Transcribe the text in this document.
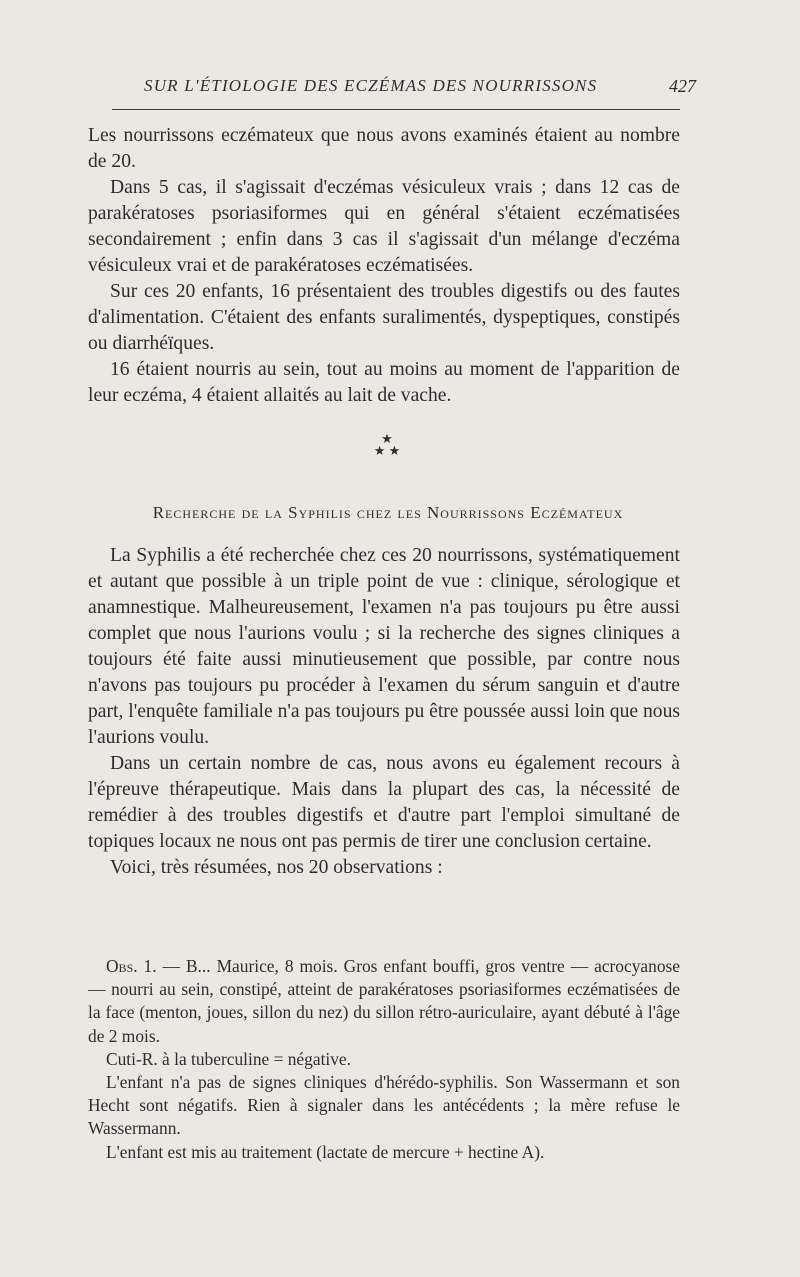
SUR L'ÉTIOLOGIE DES ECZÉMAS DES NOURRISSONS	427

Les nourrissons eczémateux que nous avons examinés étaient au nombre de 20.

Dans 5 cas, il s'agissait d'eczémas vésiculeux vrais ; dans 12 cas de parakératoses psoriasiformes qui en général s'étaient eczématisées secondairement ; enfin dans 3 cas il s'agissait d'un mélange d'eczéma vésiculeux vrai et de parakératoses eczématisées.

Sur ces 20 enfants, 16 présentaient des troubles digestifs ou des fautes d'alimentation. C'étaient des enfants suralimentés, dyspeptiques, constipés ou diarrhéïques.

16 étaient nourris au sein, tout au moins au moment de l'apparition de leur eczéma, 4 étaient allaités au lait de vache.

★
★ ★
Recherche de la Syphilis chez les Nourrissons Eczémateux

La Syphilis a été recherchée chez ces 20 nourrissons, systématiquement et autant que possible à un triple point de vue : clinique, sérologique et anamnestique. Malheureusement, l'examen n'a pas toujours pu être aussi complet que nous l'aurions voulu ; si la recherche des signes cliniques a toujours été faite aussi minutieusement que possible, par contre nous n'avons pas toujours pu procéder à l'examen du sérum sanguin et d'autre part, l'enquête familiale n'a pas toujours pu être poussée aussi loin que nous l'aurions voulu.

Dans un certain nombre de cas, nous avons eu également recours à l'épreuve thérapeutique. Mais dans la plupart des cas, la nécessité de remédier à des troubles digestifs et d'autre part l'emploi simultané de topiques locaux ne nous ont pas permis de tirer une conclusion certaine.

Voici, très résumées, nos 20 observations :

Obs. 1. — B... Maurice, 8 mois. Gros enfant bouffi, gros ventre — acrocyanose — nourri au sein, constipé, atteint de parakératoses psoriasiformes eczématisées de la face (menton, joues, sillon du nez) du sillon rétro-auriculaire, ayant débuté à l'âge de 2 mois.

Cuti-R. à la tuberculine = négative.

L'enfant n'a pas de signes cliniques d'hérédo-syphilis. Son Wassermann et son Hecht sont négatifs. Rien à signaler dans les antécédents ; la mère refuse le Wassermann.

L'enfant est mis au traitement (lactate de mercure + hectine A).
